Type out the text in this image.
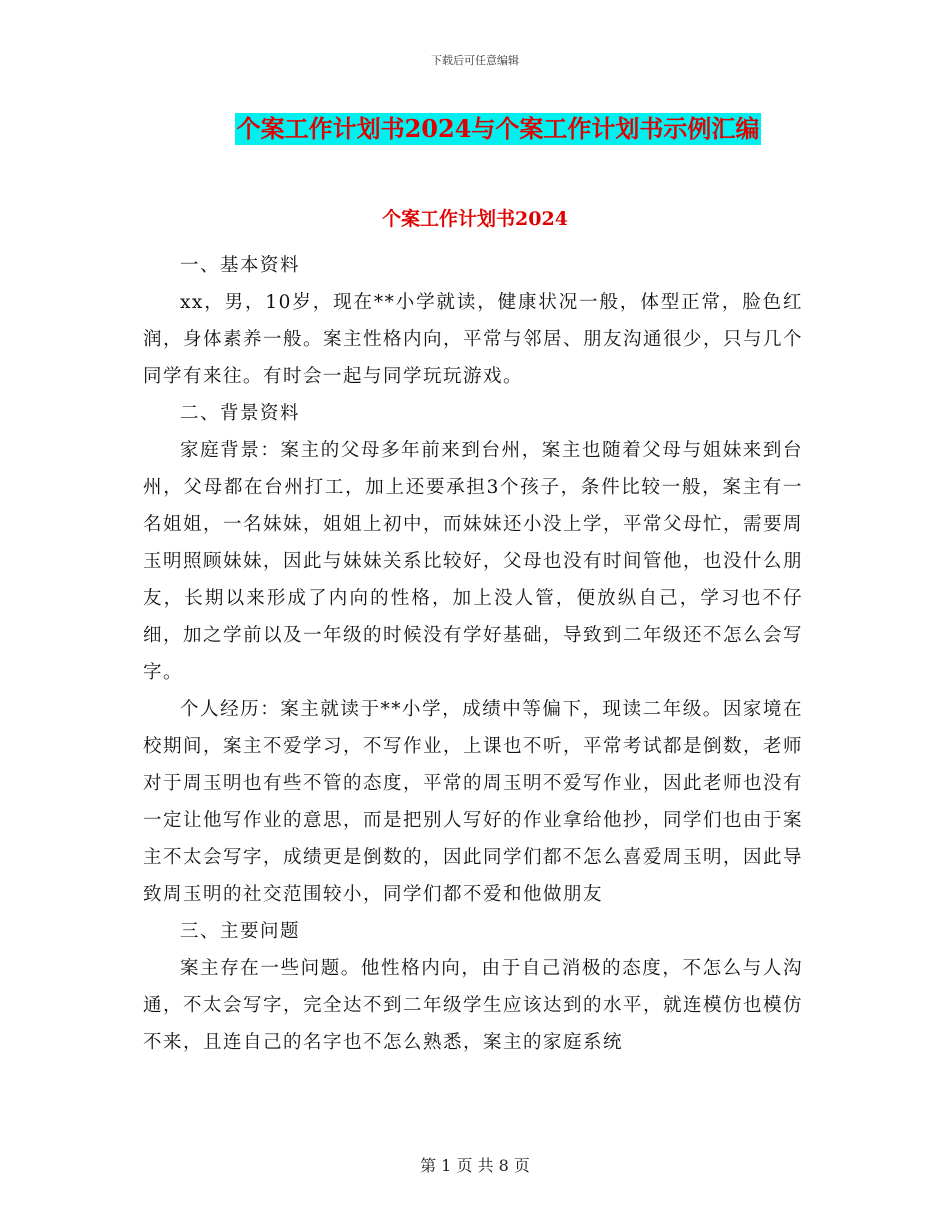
下载后可任意编辑
个案工作计划书2024与个案工作计划书示例汇编
个案工作计划书2024

一、基本资料

xx，男，10岁，现在**小学就读，健康状况一般，体型正常，脸色红润，身体素养一般。案主性格内向，平常与邻居、朋友沟通很少，只与几个同学有来往。有时会一起与同学玩玩游戏。

二、背景资料

家庭背景：案主的父母多年前来到台州，案主也随着父母与姐妹来到台州，父母都在台州打工，加上还要承担3个孩子，条件比较一般，案主有一名姐姐，一名妹妹，姐姐上初中，而妹妹还小没上学，平常父母忙，需要周玉明照顾妹妹，因此与妹妹关系比较好，父母也没有时间管他，也没什么朋友，长期以来形成了内向的性格，加上没人管，便放纵自己，学习也不仔细，加之学前以及一年级的时候没有学好基础，导致到二年级还不怎么会写字。

个人经历：案主就读于**小学，成绩中等偏下，现读二年级。因家境在校期间，案主不爱学习，不写作业，上课也不听，平常考试都是倒数，老师对于周玉明也有些不管的态度，平常的周玉明不爱写作业，因此老师也没有一定让他写作业的意思，而是把别人写好的作业拿给他抄，同学们也由于案主不太会写字，成绩更是倒数的，因此同学们都不怎么喜爱周玉明，因此导致周玉明的社交范围较小，同学们都不爱和他做朋友

三、主要问题

案主存在一些问题。他性格内向，由于自己消极的态度，不怎么与人沟通，不太会写字，完全达不到二年级学生应该达到的水平，就连模仿也模仿不来，且连自己的名字也不怎么熟悉，案主的家庭系统

第 1 页 共 8 页
